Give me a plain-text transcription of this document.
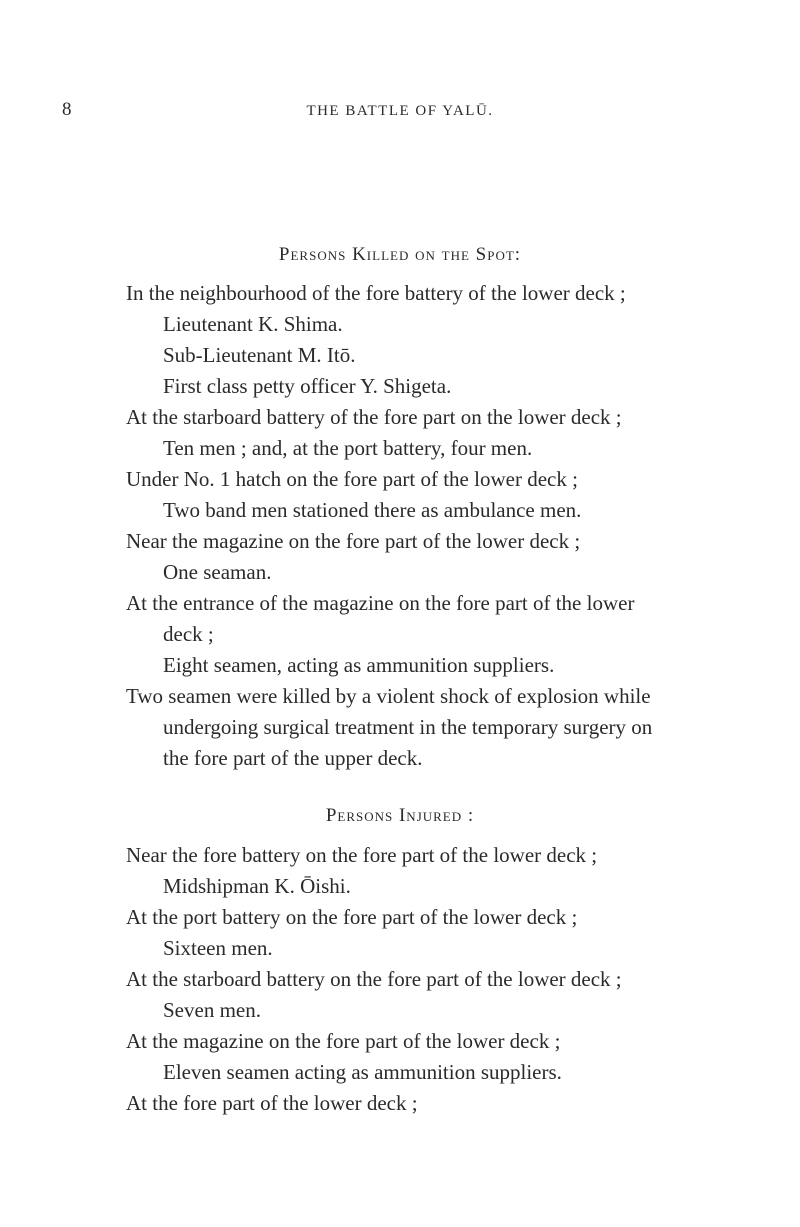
8	THE BATTLE OF YALŪ.
Persons Killed on the Spot:
In the neighbourhood of the fore battery of the lower deck ;
Lieutenant K. Shima.
Sub-Lieutenant M. Itō.
First class petty officer Y. Shigeta.
At the starboard battery of the fore part on the lower deck ;
Ten men ; and, at the port battery, four men.
Under No. 1 hatch on the fore part of the lower deck ;
Two band men stationed there as ambulance men.
Near the magazine on the fore part of the lower deck ;
One seaman.
At the entrance of the magazine on the fore part of the lower
deck ;
Eight seamen, acting as ammunition suppliers.
Two seamen were killed by a violent shock of explosion while
undergoing surgical treatment in the temporary surgery on
the fore part of the upper deck.
Persons Injured :
Near the fore battery on the fore part of the lower deck ;
Midshipman K. Ōishi.
At the port battery on the fore part of the lower deck ;
Sixteen men.
At the starboard battery on the fore part of the lower deck ;
Seven men.
At the magazine on the fore part of the lower deck ;
Eleven seamen acting as ammunition suppliers.
At the fore part of the lower deck ;
